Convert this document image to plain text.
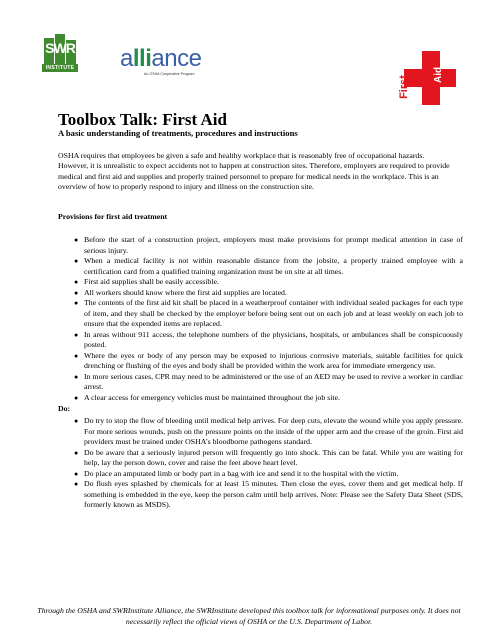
SWR
INSTITUTE alliance
An OSHA Cooperative Program
First
Aid
Toolbox Talk: First Aid
A basic understanding of treatments, procedures and instructions
OSHA requires that employees be given a safe and healthy workplace that is reasonably free of occupational hazards. However, it is unrealistic to expect accidents not to happen at construction sites. Therefore, employers are required to provide medical and first aid and supplies and properly trained personnel to prepare for medical needs in the workplace. This is an overview of how to properly respond to injury and illness on the construction site.
Provisions for first aid treatment
● Before the start of a construction project, employers must make provisions for prompt medical attention in case of serious injury.
● When a medical facility is not within reasonable distance from the jobsite, a properly trained employee with a certification card from a qualified training organization must be on site at all times.
● First aid supplies shall be easily accessible.
● All workers should know where the first aid supplies are located.
● The contents of the first aid kit shall be placed in a weatherproof container with individual sealed packages for each type of item, and they shall be checked by the employer before being sent out on each job and at least weekly on each job to ensure that the expended items are replaced.
● In areas without 911 access, the telephone numbers of the physicians, hospitals, or ambulances shall be conspicuously posted.
● Where the eyes or body of any person may be exposed to injurious corrosive materials, suitable facilities for quick drenching or flushing of the eyes and body shall be provided within the work area for immediate emergency use.
● In more serious cases, CPR may need to be administered or the use of an AED may be used to revive a worker in cardiac arrest.
● A clear access for emergency vehicles must be maintained throughout the job site.
Do:
● Do try to stop the flow of bleeding until medical help arrives. For deep cuts, elevate the wound while you apply pressure. For more serious wounds, push on the pressure points on the inside of the upper arm and the crease of the groin. First aid providers must be trained under OSHA’s bloodborne pathogens standard.
● Do be aware that a seriously injured person will frequently go into shock. This can be fatal. While you are waiting for help, lay the person down, cover and raise the feet above heart level.
● Do place an amputated limb or body part in a bag with ice and send it to the hospital with the victim.
● Do flush eyes splashed by chemicals for at least 15 minutes. Then close the eyes, cover them and get medical help. If something is embedded in the eye, keep the person calm until help arrives. Note: Please see the Safety Data Sheet (SDS, formerly known as MSDS).
Through the OSHA and SWRInstitute Alliance, the SWRInstitute developed this toolbox talk for informational purposes only. It does not necessarily reflect the official views of OSHA or the U.S. Department of Labor.
